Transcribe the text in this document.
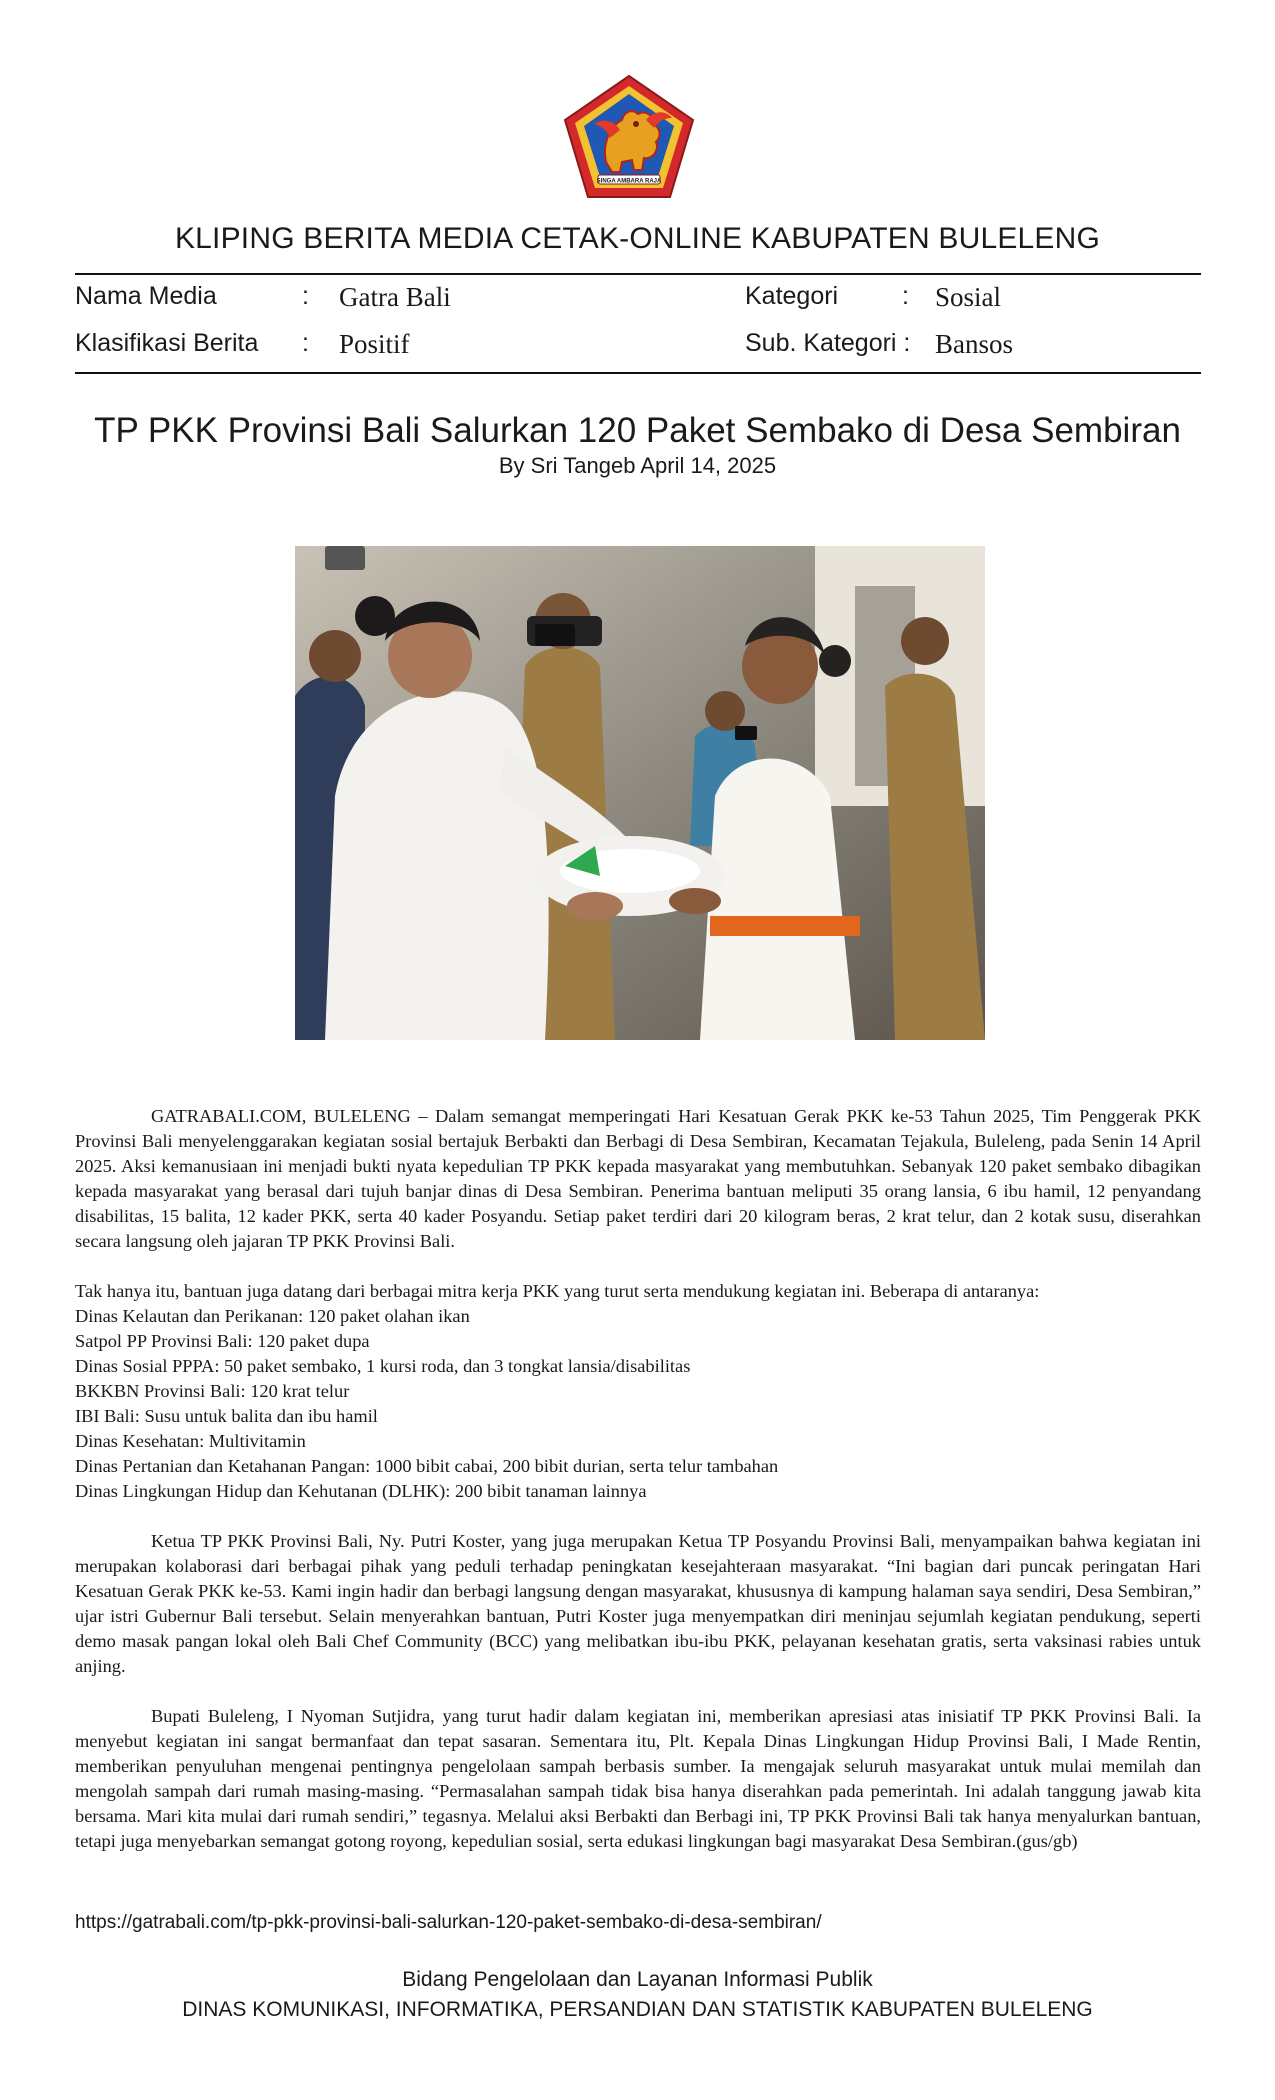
SINGA AMBARA RAJA
KLIPING BERITA MEDIA CETAK-ONLINE KABUPATEN BULELENG
Nama Media	: Gatra Bali	Kategori	: Sosial
Klasifikasi Berita : Positif	Sub. Kategori : Bansos
TP PKK Provinsi Bali Salurkan 120 Paket Sembako di Desa Sembiran
By Sri Tangeb April 14, 2025

GATRABALI.COM, BULELENG – Dalam semangat memperingati Hari Kesatuan Gerak PKK ke-53 Tahun 2025, Tim Penggerak PKK Provinsi Bali menyelenggarakan kegiatan sosial bertajuk Berbakti dan Berbagi di Desa Sembiran, Kecamatan Tejakula, Buleleng, pada Senin 14 April 2025. Aksi kemanusiaan ini menjadi bukti nyata kepedulian TP PKK kepada masyarakat yang membutuhkan. Sebanyak 120 paket sembako dibagikan kepada masyarakat yang berasal dari tujuh banjar dinas di Desa Sembiran. Penerima bantuan meliputi 35 orang lansia, 6 ibu hamil, 12 penyandang disabilitas, 15 balita, 12 kader PKK, serta 40 kader Posyandu. Setiap paket terdiri dari 20 kilogram beras, 2 krat telur, dan 2 kotak susu, diserahkan secara langsung oleh jajaran TP PKK Provinsi Bali.

Tak hanya itu, bantuan juga datang dari berbagai mitra kerja PKK yang turut serta mendukung kegiatan ini. Beberapa di antaranya:

Dinas Kelautan dan Perikanan: 120 paket olahan ikan
Satpol PP Provinsi Bali: 120 paket dupa
Dinas Sosial PPPA: 50 paket sembako, 1 kursi roda, dan 3 tongkat lansia/disabilitas
BKKBN Provinsi Bali: 120 krat telur
IBI Bali: Susu untuk balita dan ibu hamil
Dinas Kesehatan: Multivitamin
Dinas Pertanian dan Ketahanan Pangan: 1000 bibit cabai, 200 bibit durian, serta telur tambahan
Dinas Lingkungan Hidup dan Kehutanan (DLHK): 200 bibit tanaman lainnya

Ketua TP PKK Provinsi Bali, Ny. Putri Koster, yang juga merupakan Ketua TP Posyandu Provinsi Bali, menyampaikan bahwa kegiatan ini merupakan kolaborasi dari berbagai pihak yang peduli terhadap peningkatan kesejahteraan masyarakat. “Ini bagian dari puncak peringatan Hari Kesatuan Gerak PKK ke-53. Kami ingin hadir dan berbagi langsung dengan masyarakat, khususnya di kampung halaman saya sendiri, Desa Sembiran,” ujar istri Gubernur Bali tersebut. Selain menyerahkan bantuan, Putri Koster juga menyempatkan diri meninjau sejumlah kegiatan pendukung, seperti demo masak pangan lokal oleh Bali Chef Community (BCC) yang melibatkan ibu-ibu PKK, pelayanan kesehatan gratis, serta vaksinasi rabies untuk anjing.

Bupati Buleleng, I Nyoman Sutjidra, yang turut hadir dalam kegiatan ini, memberikan apresiasi atas inisiatif TP PKK Provinsi Bali. Ia menyebut kegiatan ini sangat bermanfaat dan tepat sasaran. Sementara itu, Plt. Kepala Dinas Lingkungan Hidup Provinsi Bali, I Made Rentin, memberikan penyuluhan mengenai pentingnya pengelolaan sampah berbasis sumber. Ia mengajak seluruh masyarakat untuk mulai memilah dan mengolah sampah dari rumah masing-masing. “Permasalahan sampah tidak bisa hanya diserahkan pada pemerintah. Ini adalah tanggung jawab kita bersama. Mari kita mulai dari rumah sendiri,” tegasnya. Melalui aksi Berbakti dan Berbagi ini, TP PKK Provinsi Bali tak hanya menyalurkan bantuan, tetapi juga menyebarkan semangat gotong royong, kepedulian sosial, serta edukasi lingkungan bagi masyarakat Desa Sembiran.(gus/gb)

https://gatrabali.com/tp-pkk-provinsi-bali-salurkan-120-paket-sembako-di-desa-sembiran/
Bidang Pengelolaan dan Layanan Informasi Publik
DINAS KOMUNIKASI, INFORMATIKA, PERSANDIAN DAN STATISTIK KABUPATEN BULELENG
